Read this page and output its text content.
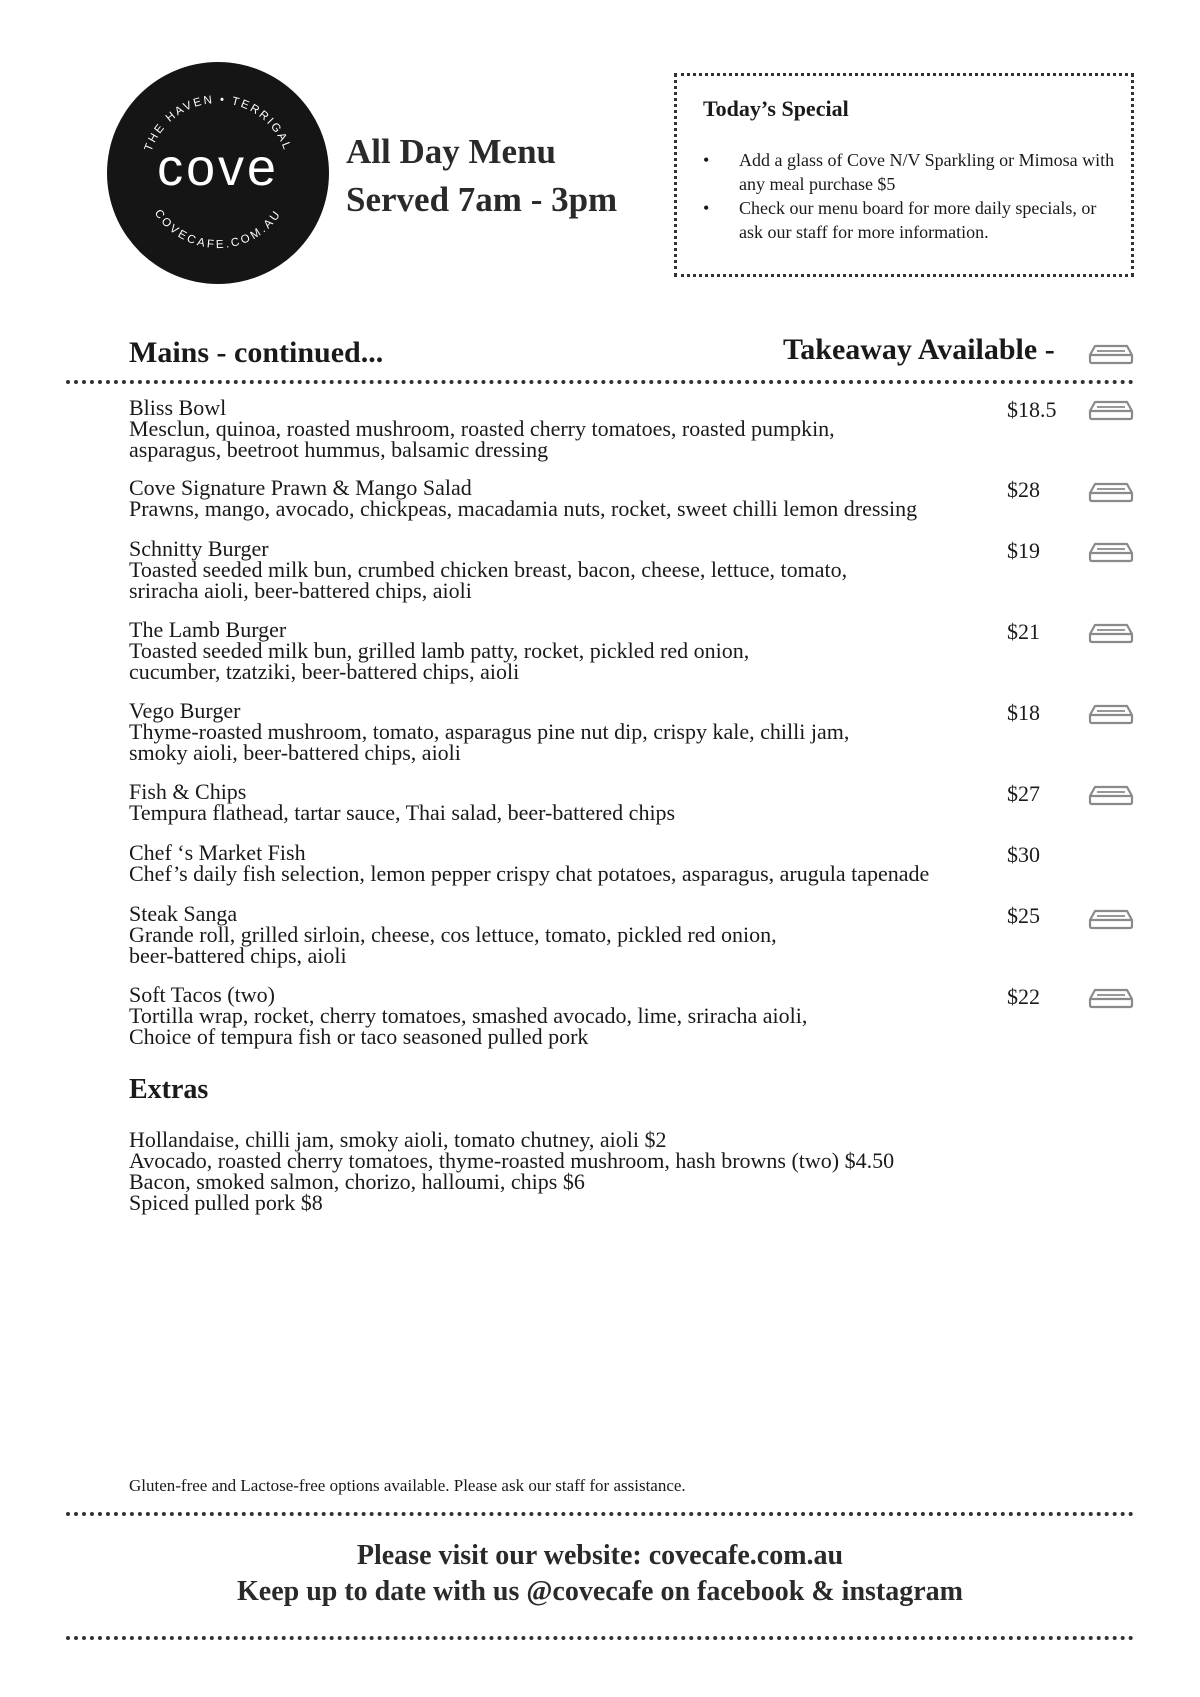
THE HAVEN • TERRIGAL
COVECAFE.COM.AU
cove	All Day Menu
Served 7am - 3pm
Today’s Special
• Add a glass of Cove N/V Sparkling or Mimosa with any meal purchase $5
• Check our menu board for more daily specials, or ask our staff for more information.
Mains - continued...	Takeaway Available -
Bliss Bowl
Mesclun, quinoa, roasted mushroom, roasted cherry tomatoes, roasted pumpkin,
asparagus, beetroot hummus, balsamic dressing
$18.5
Cove Signature Prawn & Mango Salad
Prawns, mango, avocado, chickpeas, macadamia nuts, rocket, sweet chilli lemon dressing
$28
Schnitty Burger
Toasted seeded milk bun, crumbed chicken breast, bacon, cheese, lettuce, tomato,
sriracha aioli, beer-battered chips, aioli
$19
The Lamb Burger
Toasted seeded milk bun, grilled lamb patty, rocket, pickled red onion,
cucumber, tzatziki, beer-battered chips, aioli
$21
Vego Burger
Thyme-roasted mushroom, tomato, asparagus pine nut dip, crispy kale, chilli jam,
smoky aioli, beer-battered chips, aioli
$18
Fish & Chips
Tempura flathead, tartar sauce, Thai salad, beer-battered chips
$27
Chef ‘s Market Fish
Chef’s daily fish selection, lemon pepper crispy chat potatoes, asparagus, arugula tapenade
$30
Steak Sanga
Grande roll, grilled sirloin, cheese, cos lettuce, tomato, pickled red onion,
beer-battered chips, aioli
$25
Soft Tacos (two)
Tortilla wrap, rocket, cherry tomatoes, smashed avocado, lime, sriracha aioli,
Choice of tempura fish or taco seasoned pulled pork
$22
Extras
Hollandaise, chilli jam, smoky aioli, tomato chutney, aioli $2
Avocado, roasted cherry tomatoes, thyme-roasted mushroom, hash browns (two) $4.50
Bacon, smoked salmon, chorizo, halloumi, chips $6
Spiced pulled pork $8
Gluten-free and Lactose-free options available. Please ask our staff for assistance.
Please visit our website: covecafe.com.au
Keep up to date with us @covecafe on facebook & instagram
